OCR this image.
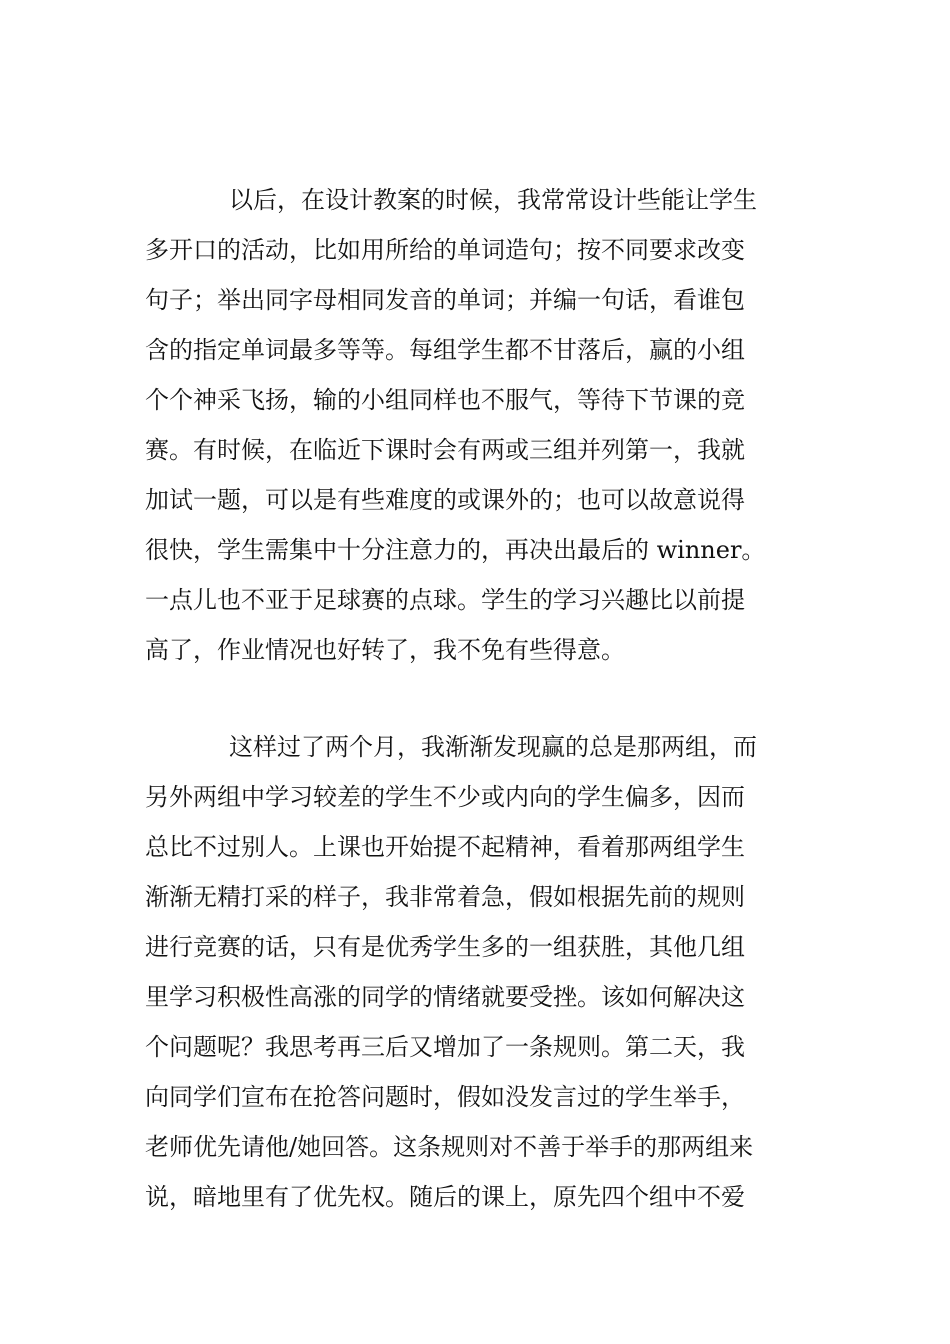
以后，在设计教案的时候，我常常设计些能让学生
多开口的活动，比如用所给的单词造句；按不同要求改变
句子；举出同字母相同发音的单词；并编一句话，看谁包
含的指定单词最多等等。每组学生都不甘落后，赢的小组
个个神采飞扬，输的小组同样也不服气，等待下节课的竞
赛。有时候，在临近下课时会有两或三组并列第一，我就
加试一题，可以是有些难度的或课外的；也可以故意说得
很快，学生需集中十分注意力的，再决出最后的 winner。
一点儿也不亚于足球赛的点球。学生的学习兴趣比以前提
高了，作业情况也好转了，我不免有些得意。
这样过了两个月，我渐渐发现赢的总是那两组，而
另外两组中学习较差的学生不少或内向的学生偏多，因而
总比不过别人。上课也开始提不起精神，看着那两组学生
渐渐无精打采的样子，我非常着急，假如根据先前的规则
进行竞赛的话，只有是优秀学生多的一组获胜，其他几组
里学习积极性高涨的同学的情绪就要受挫。该如何解决这
个问题呢？我思考再三后又增加了一条规则。第二天，我
向同学们宣布在抢答问题时，假如没发言过的学生举手，
老师优先请他/她回答。这条规则对不善于举手的那两组来
说，暗地里有了优先权。随后的课上，原先四个组中不爱
